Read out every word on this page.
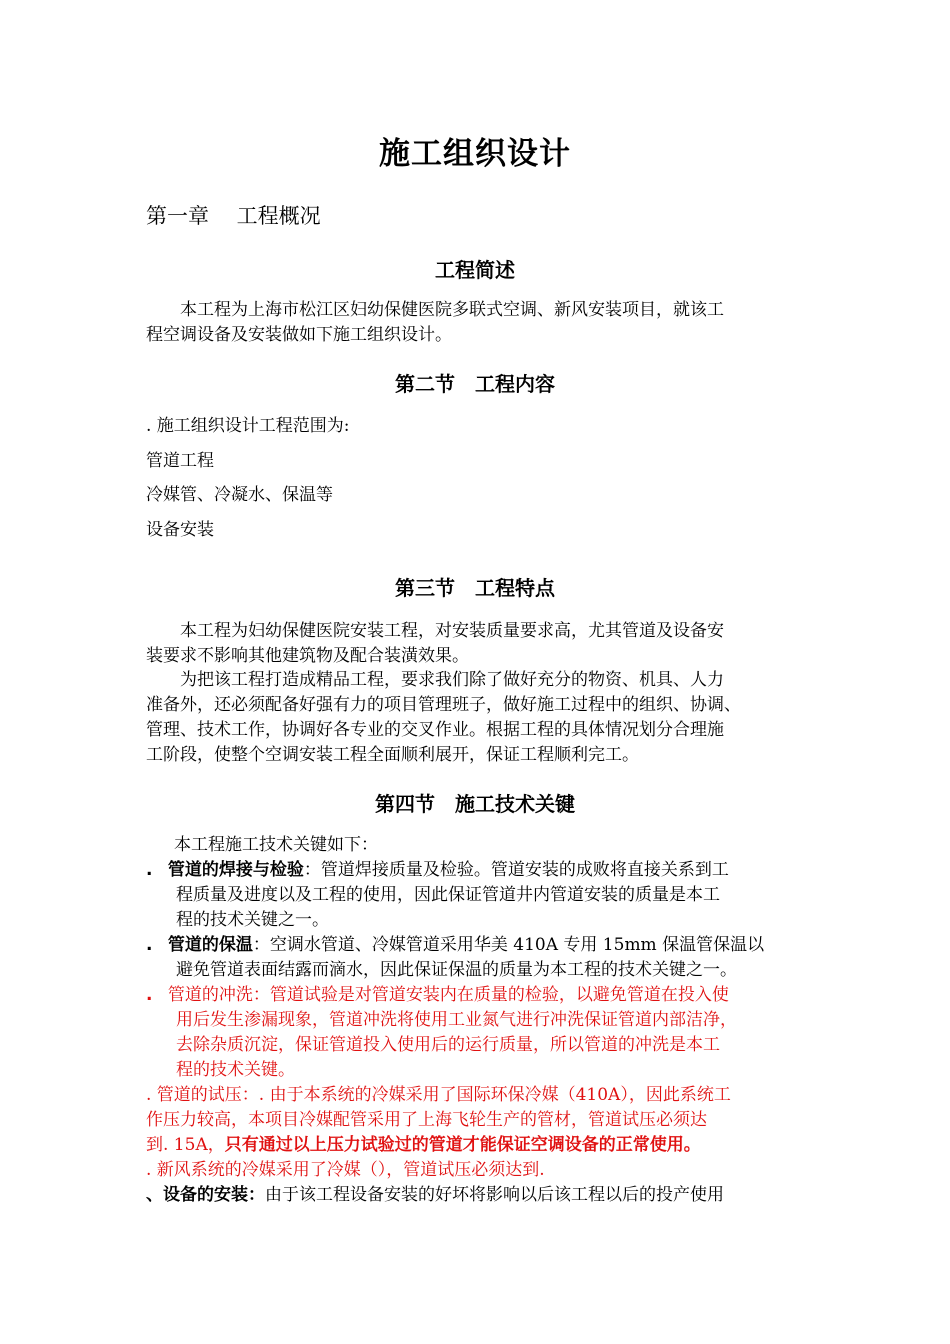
施工组织设计
第一章　 工程概况
工程简述
本工程为上海市松江区妇幼保健医院多联式空调、新风安装项目，就该工
程空调设备及安装做如下施工组织设计。
第二节　工程内容
. 施工组织设计工程范围为:
管道工程
冷媒管、冷凝水、保温等
设备安装
第三节　工程特点
本工程为妇幼保健医院安装工程，对安装质量要求高，尤其管道及设备安
装要求不影响其他建筑物及配合装潢效果。
为把该工程打造成精品工程，要求我们除了做好充分的物资、机具、人力
准备外，还必须配备好强有力的项目管理班子，做好施工过程中的组织、协调、
管理、技术工作，协调好各专业的交叉作业。根据工程的具体情况划分合理施
工阶段，使整个空调安装工程全面顺利展开，保证工程顺利完工。
第四节　施工技术关键
本工程施工技术关键如下：
. 管道的焊接与检验：管道焊接质量及检验。管道安装的成败将直接关系到工
程质量及进度以及工程的使用，因此保证管道井内管道安装的质量是本工
程的技术关键之一。
. 管道的保温：空调水管道、冷媒管道采用华美 410A 专用 15mm 保温管保温以
避免管道表面结露而滴水，因此保证保温的质量为本工程的技术关键之一。
. 管道的冲洗：管道试验是对管道安装内在质量的检验，以避免管道在投入使
用后发生渗漏现象，管道冲洗将使用工业氮气进行冲洗保证管道内部洁净，
去除杂质沉淀，保证管道投入使用后的运行质量，所以管道的冲洗是本工
程的技术关键。
. 管道的试压：. 由于本系统的冷媒采用了国际环保冷媒（410A），因此系统工
作压力较高，本项目冷媒配管采用了上海飞轮生产的管材，管道试压必须达
到. 15A，只有通过以上压力试验过的管道才能保证空调设备的正常使用。
. 新风系统的冷媒采用了冷媒（），管道试压必须达到.
、设备的安装：由于该工程设备安装的好坏将影响以后该工程以后的投产使用
